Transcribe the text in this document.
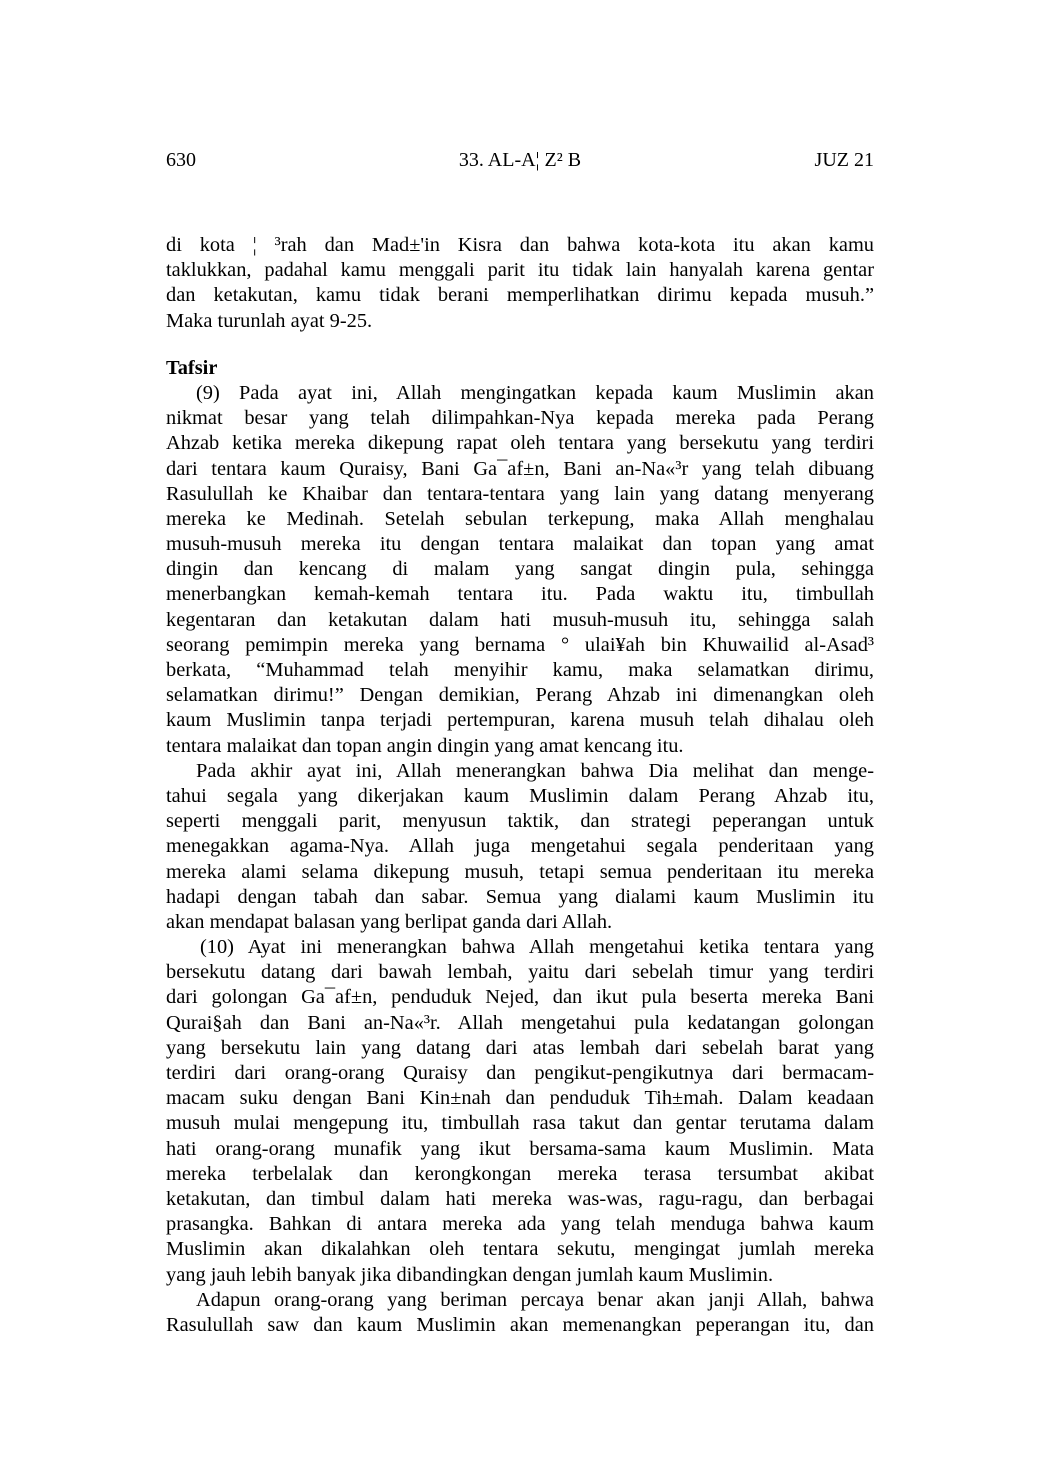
630	33. AL-A¦ Z² B	JUZ 21
di kota ¦ ³rah dan Mad±'in Kisra dan bahwa kota-kota itu akan kamu
taklukkan, padahal kamu menggali parit itu tidak lain hanyalah karena gentar
dan ketakutan, kamu tidak berani memperlihatkan dirimu kepada musuh.”
Maka turunlah ayat 9-25.
Tafsir
(9) Pada ayat ini, Allah mengingatkan kepada kaum Muslimin akan
nikmat besar yang telah dilimpahkan-Nya kepada mereka pada Perang
Ahzab ketika mereka dikepung rapat oleh tentara yang bersekutu yang terdiri
dari tentara kaum Quraisy, Bani Ga¯af±n, Bani an-Na«³r yang telah dibuang
Rasulullah ke Khaibar dan tentara-tentara yang lain yang datang menyerang
mereka ke Medinah. Setelah sebulan terkepung, maka Allah menghalau
musuh-musuh mereka itu dengan tentara malaikat dan topan yang amat
dingin dan kencang di malam yang sangat dingin pula, sehingga
menerbangkan kemah-kemah tentara itu. Pada waktu itu, timbullah
kegentaran dan ketakutan dalam hati musuh-musuh itu, sehingga salah
seorang pemimpin mereka yang bernama ° ulai¥ah bin Khuwailid al-Asad³
berkata, “Muhammad telah menyihir kamu, maka selamatkan dirimu,
selamatkan dirimu!” Dengan demikian, Perang Ahzab ini dimenangkan oleh
kaum Muslimin tanpa terjadi pertempuran, karena musuh telah dihalau oleh
tentara malaikat dan topan angin dingin yang amat kencang itu.
Pada akhir ayat ini, Allah menerangkan bahwa Dia melihat dan menge-
tahui segala yang dikerjakan kaum Muslimin dalam Perang Ahzab itu,
seperti menggali parit, menyusun taktik, dan strategi peperangan untuk
menegakkan agama-Nya. Allah juga mengetahui segala penderitaan yang
mereka alami selama dikepung musuh, tetapi semua penderitaan itu mereka
hadapi dengan tabah dan sabar. Semua yang dialami kaum Muslimin itu
akan mendapat balasan yang berlipat ganda dari Allah.
(10) Ayat ini menerangkan bahwa Allah mengetahui ketika tentara yang
bersekutu datang dari bawah lembah, yaitu dari sebelah timur yang terdiri
dari golongan Ga¯af±n, penduduk Nejed, dan ikut pula beserta mereka Bani
Qurai§ah dan Bani an-Na«³r. Allah mengetahui pula kedatangan golongan
yang bersekutu lain yang datang dari atas lembah dari sebelah barat yang
terdiri dari orang-orang Quraisy dan pengikut-pengikutnya dari bermacam-
macam suku dengan Bani Kin±nah dan penduduk Tih±mah. Dalam keadaan
musuh mulai mengepung itu, timbullah rasa takut dan gentar terutama dalam
hati orang-orang munafik yang ikut bersama-sama kaum Muslimin. Mata
mereka terbelalak dan kerongkongan mereka terasa tersumbat akibat
ketakutan, dan timbul dalam hati mereka was-was, ragu-ragu, dan berbagai
prasangka. Bahkan di antara mereka ada yang telah menduga bahwa kaum
Muslimin akan dikalahkan oleh tentara sekutu, mengingat jumlah mereka
yang jauh lebih banyak jika dibandingkan dengan jumlah kaum Muslimin.
Adapun orang-orang yang beriman percaya benar akan janji Allah, bahwa
Rasulullah saw dan kaum Muslimin akan memenangkan peperangan itu, dan
